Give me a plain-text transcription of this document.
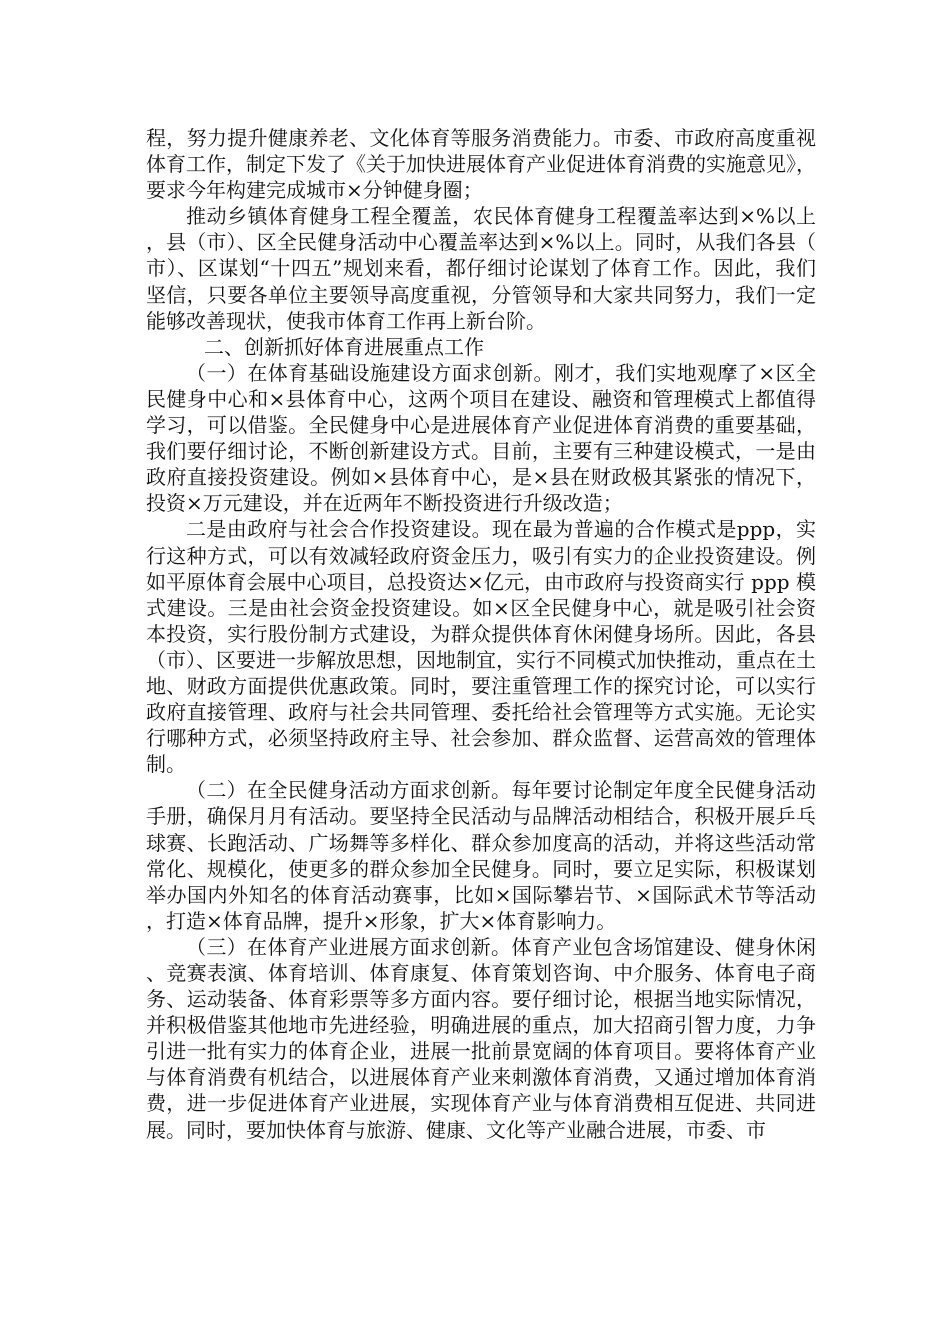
程，努力提升健康养老、文化体育等服务消费能力。市委、市政府高度重视体育工作，制定下发了《关于加快进展体育产业促进体育消费的实施意见》，要求今年构建完成城市×分钟健身圈；

推动乡镇体育健身工程全覆盖，农民体育健身工程覆盖率达到×%以上，县（市）、区全民健身活动中心覆盖率达到×%以上。同时，从我们各县（市）、区谋划“十四五”规划来看，都仔细讨论谋划了体育工作。因此，我们坚信，只要各单位主要领导高度重视，分管领导和大家共同努力，我们一定能够改善现状，使我市体育工作再上新台阶。

二、创新抓好体育进展重点工作

（一）在体育基础设施建设方面求创新。刚才，我们实地观摩了×区全民健身中心和×县体育中心，这两个项目在建设、融资和管理模式上都值得学习，可以借鉴。全民健身中心是进展体育产业促进体育消费的重要基础，我们要仔细讨论，不断创新建设方式。目前，主要有三种建设模式，一是由政府直接投资建设。例如×县体育中心，是×县在财政极其紧张的情况下，投资×万元建设，并在近两年不断投资进行升级改造；

二是由政府与社会合作投资建设。现在最为普遍的合作模式是ppp，实行这种方式，可以有效减轻政府资金压力，吸引有实力的企业投资建设。例如平原体育会展中心项目，总投资达×亿元，由市政府与投资商实行 ppp 模式建设。三是由社会资金投资建设。如×区全民健身中心，就是吸引社会资本投资，实行股份制方式建设，为群众提供体育休闲健身场所。因此，各县（市）、区要进一步解放思想，因地制宜，实行不同模式加快推动，重点在土地、财政方面提供优惠政策。同时，要注重管理工作的探究讨论，可以实行政府直接管理、政府与社会共同管理、委托给社会管理等方式实施。无论实行哪种方式，必须坚持政府主导、社会参加、群众监督、运营高效的管理体制。

（二）在全民健身活动方面求创新。每年要讨论制定年度全民健身活动手册，确保月月有活动。要坚持全民活动与品牌活动相结合，积极开展乒乓球赛、长跑活动、广场舞等多样化、群众参加度高的活动，并将这些活动常常化、规模化，使更多的群众参加全民健身。同时，要立足实际，积极谋划举办国内外知名的体育活动赛事，比如×国际攀岩节、×国际武术节等活动，打造×体育品牌，提升×形象，扩大×体育影响力。

（三）在体育产业进展方面求创新。体育产业包含场馆建设、健身休闲、竞赛表演、体育培训、体育康复、体育策划咨询、中介服务、体育电子商务、运动装备、体育彩票等多方面内容。要仔细讨论，根据当地实际情况，并积极借鉴其他地市先进经验，明确进展的重点，加大招商引智力度，力争引进一批有实力的体育企业，进展一批前景宽阔的体育项目。要将体育产业与体育消费有机结合，以进展体育产业来刺激体育消费，又通过增加体育消费，进一步促进体育产业进展，实现体育产业与体育消费相互促进、共同进展。同时，要加快体育与旅游、健康、文化等产业融合进展，市委、市
